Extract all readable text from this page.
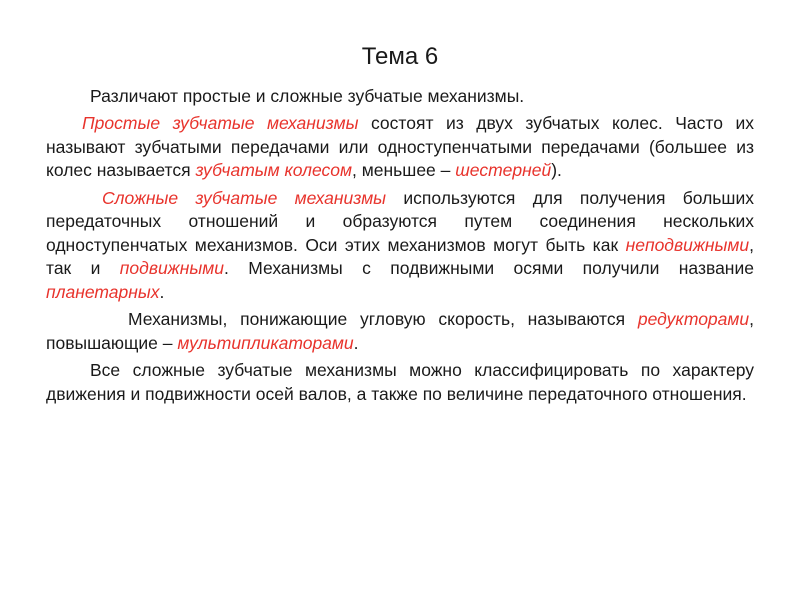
Тема 6

Различают простые и сложные зубчатые механизмы.

Простые зубчатые механизмы состоят из двух зубчатых колес. Часто их называют зубчатыми передачами или одноступенчатыми передачами (большее из колес называется зубчатым колесом, меньшее – шестерней).

Сложные зубчатые механизмы используются для получения больших передаточных отношений и образуются путем соединения нескольких одноступенчатых механизмов. Оси этих механизмов могут быть как неподвижными, так и подвижными. Механизмы с подвижными осями получили название планетарных.

Механизмы, понижающие угловую скорость, называются редукторами, повышающие – мультипликаторами.

Все сложные зубчатые механизмы можно классифицировать по характеру движения и подвижности осей валов, а также по величине передаточного отношения.
